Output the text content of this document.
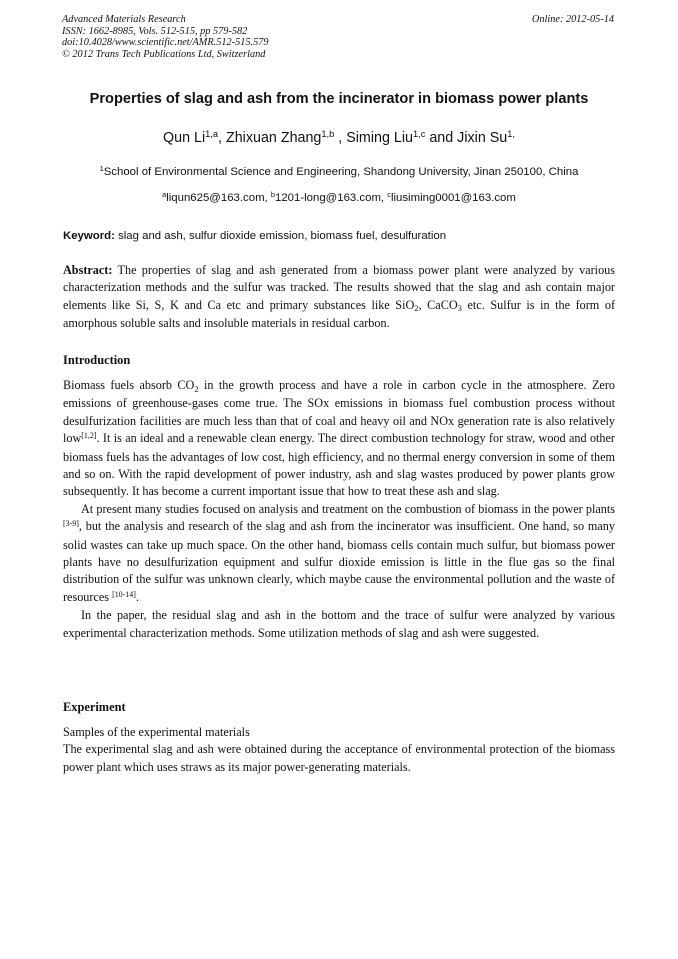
Advanced Materials Research
ISSN: 1662-8985, Vols. 512-515, pp 579-582
doi:10.4028/www.scientific.net/AMR.512-515.579
© 2012 Trans Tech Publications Ltd, Switzerland
Online: 2012-05-14
Properties of slag and ash from the incinerator in biomass power plants
Qun Li$^{1,a}$, Zhixuan Zhang$^{1,b}$ , Siming Liu$^{1,c}$ and Jixin $Su^{1,}$
$^1$School of Environmental Science and Engineering, Shandong University, Jinan 250100, China
$^a$liqun625@163.com, $^b$1201-long@163.com, $^c$liusiming0001@163.com
Keyword: slag and ash, sulfur dioxide emission, biomass fuel, desulfuration
Abstract: The properties of slag and ash generated from a biomass power plant were analyzed by various characterization methods and the sulfur was tracked. The results showed that the slag and ash contain major elements like Si, S, K and Ca etc and primary substances like SiO$_2$, CaCO$_3$ etc. Sulfur is in the form of amorphous soluble salts and insoluble materials in residual carbon.
Introduction
Biomass fuels absorb $CO_2$ in the growth process and have a role in carbon cycle in the atmosphere. Zero emissions of greenhouse-gases come true. The SOx emissions in biomass fuel combustion process without desulfurization facilities are much less than that of coal and heavy oil and NOx generation rate is also relatively low[1,2]. It is an ideal and a renewable clean energy. The direct combustion technology for straw, wood and other biomass fuels has the advantages of low cost, high efficiency, and no thermal energy conversion in some of them and so on. With the rapid development of power industry, ash and slag wastes produced by power plants grow subsequently. It has become a current important issue that how to treat these ash and slag.
At present many studies focused on analysis and treatment on the combustion of biomass in the power plants [3-9], but the analysis and research of the slag and ash from the incinerator was insufficient. One hand, so many solid wastes can take up much space. On the other hand, biomass cells contain much sulfur, but biomass power plants have no desulfurization equipment and sulfur dioxide emission is little in the flue gas so the final distribution of the sulfur was unknown clearly, which maybe cause the environmental pollution and the waste of resources [10-14].
In the paper, the residual slag and ash in the bottom and the trace of sulfur were analyzed by various experimental characterization methods. Some utilization methods of slag and ash were suggested.
Experiment
Samples of the experimental materials
The experimental slag and ash were obtained during the acceptance of environmental protection of the biomass power plant which uses straws as its major power-generating materials.
